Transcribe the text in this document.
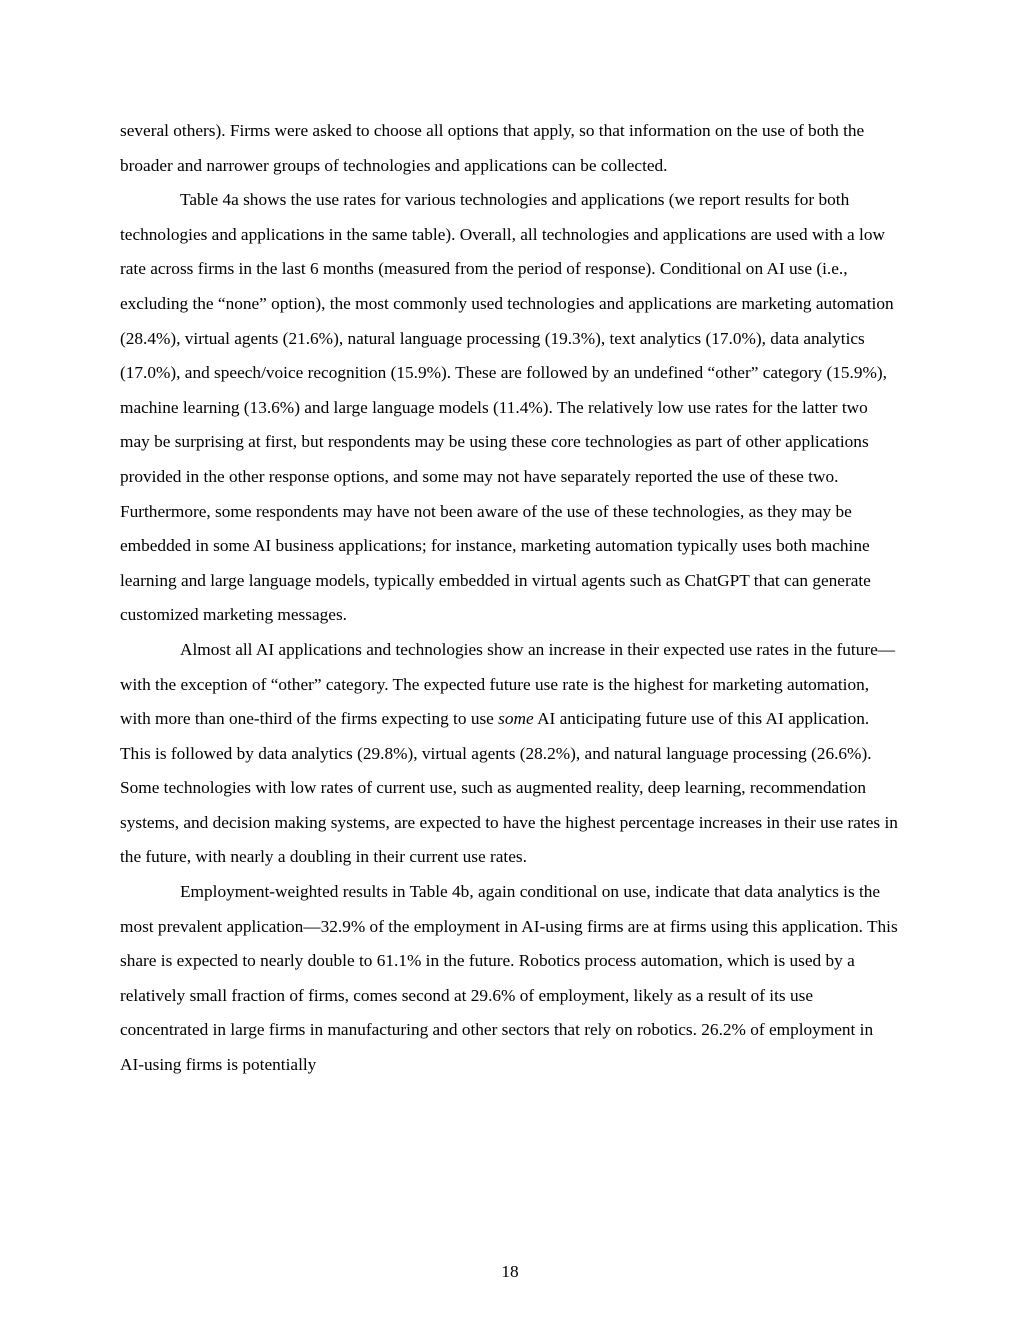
several others). Firms were asked to choose all options that apply, so that information on the use of both the broader and narrower groups of technologies and applications can be collected.

Table 4a shows the use rates for various technologies and applications (we report results for both technologies and applications in the same table). Overall, all technologies and applications are used with a low rate across firms in the last 6 months (measured from the period of response). Conditional on AI use (i.e., excluding the “none” option), the most commonly used technologies and applications are marketing automation (28.4%), virtual agents (21.6%), natural language processing (19.3%), text analytics (17.0%), data analytics (17.0%), and speech/voice recognition (15.9%). These are followed by an undefined “other” category (15.9%), machine learning (13.6%) and large language models (11.4%). The relatively low use rates for the latter two may be surprising at first, but respondents may be using these core technologies as part of other applications provided in the other response options, and some may not have separately reported the use of these two. Furthermore, some respondents may have not been aware of the use of these technologies, as they may be embedded in some AI business applications; for instance, marketing automation typically uses both machine learning and large language models, typically embedded in virtual agents such as ChatGPT that can generate customized marketing messages.

Almost all AI applications and technologies show an increase in their expected use rates in the future—with the exception of “other” category. The expected future use rate is the highest for marketing automation, with more than one-third of the firms expecting to use some AI anticipating future use of this AI application. This is followed by data analytics (29.8%), virtual agents (28.2%), and natural language processing (26.6%). Some technologies with low rates of current use, such as augmented reality, deep learning, recommendation systems, and decision making systems, are expected to have the highest percentage increases in their use rates in the future, with nearly a doubling in their current use rates.

Employment-weighted results in Table 4b, again conditional on use, indicate that data analytics is the most prevalent application—32.9% of the employment in AI-using firms are at firms using this application. This share is expected to nearly double to 61.1% in the future. Robotics process automation, which is used by a relatively small fraction of firms, comes second at 29.6% of employment, likely as a result of its use concentrated in large firms in manufacturing and other sectors that rely on robotics. 26.2% of employment in AI-using firms is potentially

18
